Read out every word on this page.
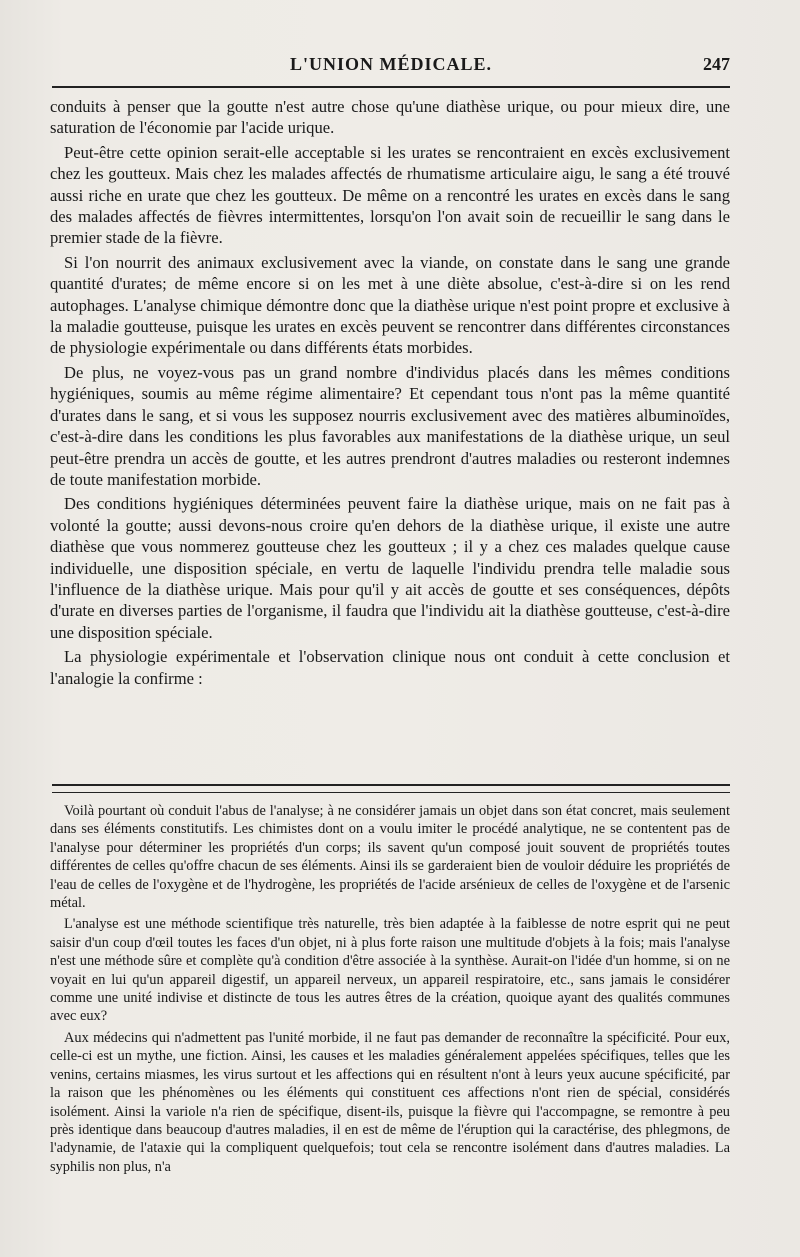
L'UNION MÉDICALE.	247

conduits à penser que la goutte n'est autre chose qu'une diathèse urique, ou pour mieux dire, une saturation de l'économie par l'acide urique.

Peut-être cette opinion serait-elle acceptable si les urates se rencontraient en excès exclusivement chez les goutteux. Mais chez les malades affectés de rhumatisme articulaire aigu, le sang a été trouvé aussi riche en urate que chez les goutteux. De même on a rencontré les urates en excès dans le sang des malades affectés de fièvres intermittentes, lorsqu'on l'on avait soin de recueillir le sang dans le premier stade de la fièvre.

Si l'on nourrit des animaux exclusivement avec la viande, on constate dans le sang une grande quantité d'urates; de même encore si on les met à une diète absolue, c'est-à-dire si on les rend autophages. L'analyse chimique démontre donc que la diathèse urique n'est point propre et exclusive à la maladie goutteuse, puisque les urates en excès peuvent se rencontrer dans différentes circonstances de physiologie expérimentale ou dans différents états morbides.

De plus, ne voyez-vous pas un grand nombre d'individus placés dans les mêmes conditions hygiéniques, soumis au même régime alimentaire? Et cependant tous n'ont pas la même quantité d'urates dans le sang, et si vous les supposez nourris exclusivement avec des matières albuminoïdes, c'est-à-dire dans les conditions les plus favorables aux manifestations de la diathèse urique, un seul peut-être prendra un accès de goutte, et les autres prendront d'autres maladies ou resteront indemnes de toute manifestation morbide.

Des conditions hygiéniques déterminées peuvent faire la diathèse urique, mais on ne fait pas à volonté la goutte; aussi devons-nous croire qu'en dehors de la diathèse urique, il existe une autre diathèse que vous nommerez goutteuse chez les goutteux ; il y a chez ces malades quelque cause individuelle, une disposition spéciale, en vertu de laquelle l'individu prendra telle maladie sous l'influence de la diathèse urique. Mais pour qu'il y ait accès de goutte et ses conséquences, dépôts d'urate en diverses parties de l'organisme, il faudra que l'individu ait la diathèse goutteuse, c'est-à-dire une disposition spéciale.

La physiologie expérimentale et l'observation clinique nous ont conduit à cette conclusion et l'analogie la confirme :

Voilà pourtant où conduit l'abus de l'analyse; à ne considérer jamais un objet dans son état concret, mais seulement dans ses éléments constitutifs. Les chimistes dont on a voulu imiter le procédé analytique, ne se contentent pas de l'analyse pour déterminer les propriétés d'un corps; ils savent qu'un composé jouit souvent de propriétés toutes différentes de celles qu'offre chacun de ses éléments. Ainsi ils se garderaient bien de vouloir déduire les propriétés de l'eau de celles de l'oxygène et de l'hydrogène, les propriétés de l'acide arsénieux de celles de l'oxygène et de l'arsenic métal.

L'analyse est une méthode scientifique très naturelle, très bien adaptée à la faiblesse de notre esprit qui ne peut saisir d'un coup d'œil toutes les faces d'un objet, ni à plus forte raison une multitude d'objets à la fois; mais l'analyse n'est une méthode sûre et complète qu'à condition d'être associée à la synthèse. Aurait-on l'idée d'un homme, si on ne voyait en lui qu'un appareil digestif, un appareil nerveux, un appareil respiratoire, etc., sans jamais le considérer comme une unité indivise et distincte de tous les autres êtres de la création, quoique ayant des qualités communes avec eux?

Aux médecins qui n'admettent pas l'unité morbide, il ne faut pas demander de reconnaître la spécificité. Pour eux, celle-ci est un mythe, une fiction. Ainsi, les causes et les maladies généralement appelées spécifiques, telles que les venins, certains miasmes, les virus surtout et les affections qui en résultent n'ont à leurs yeux aucune spécificité, par la raison que les phénomènes ou les éléments qui constituent ces affections n'ont rien de spécial, considérés isolément. Ainsi la variole n'a rien de spécifique, disent-ils, puisque la fièvre qui l'accompagne, se remontre à peu près identique dans beaucoup d'autres maladies, il en est de même de l'éruption qui la caractérise, des phlegmons, de l'adynamie, de l'ataxie qui la compliquent quelquefois; tout cela se rencontre isolément dans d'autres maladies. La syphilis non plus, n'a
